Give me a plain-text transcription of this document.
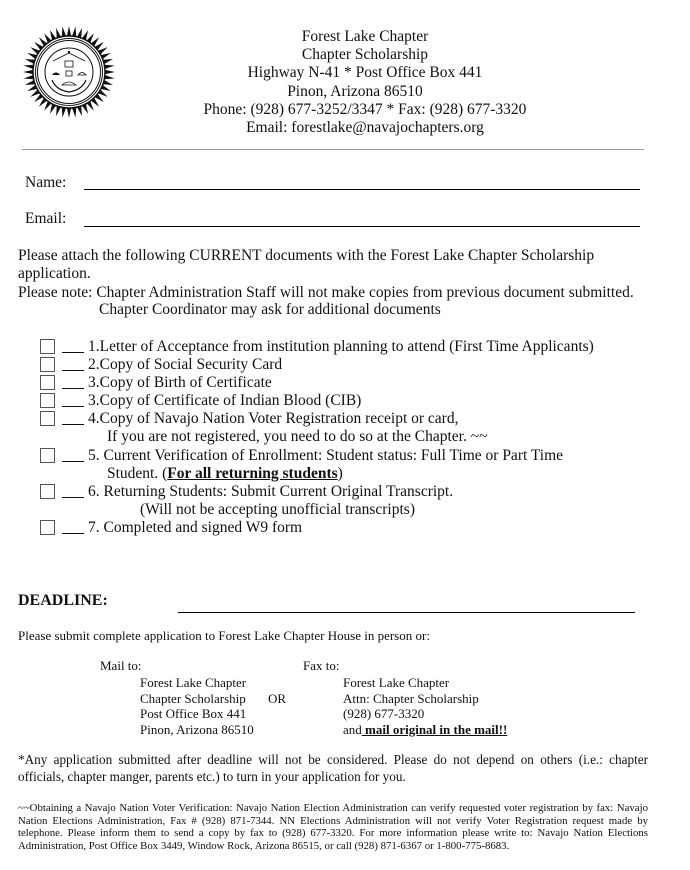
Forest Lake Chapter
Chapter Scholarship
Highway N-41 * Post Office Box 441
Pinon, Arizona 86510
Phone: (928) 677-3252/3347 * Fax: (928) 677-3320
Email: forestlake@navajochapters.org
Name:
Email:
Please attach the following CURRENT documents with the Forest Lake Chapter Scholarship
application.
Please note: Chapter Administration Staff will not make copies from previous document submitted.
Chapter Coordinator may ask for additional documents
1.Letter of Acceptance from institution planning to attend (First Time Applicants)
2.Copy of Social Security Card
3.Copy of Birth of Certificate
3.Copy of Certificate of Indian Blood (CIB)
4.Copy of Navajo Nation Voter Registration receipt or card,
If you are not registered, you need to do so at the Chapter. ~~
5. Current Verification of Enrollment: Student status: Full Time or Part Time
Student. (For all returning students)
6. Returning Students: Submit Current Original Transcript.
(Will not be accepting unofficial transcripts)
7. Completed and signed W9 form
DEADLINE:
Please submit complete application to Forest Lake Chapter House in person or:
Mail to:
Forest Lake Chapter
Chapter Scholarship
Post Office Box 441
Pinon, Arizona 86510
OR
Fax to:
Forest Lake Chapter
Attn: Chapter Scholarship
(928) 677-3320
and mail original in the mail!!
*Any application submitted after deadline will not be considered. Please do not depend on others (i.e.: chapter officials, chapter manger, parents etc.) to turn in your application for you.
~~Obtaining a Navajo Nation Voter Verification: Navajo Nation Election Administration can verify requested voter registration by fax: Navajo Nation Elections Administration, Fax # (928) 871-7344. NN Elections Administration will not verify Voter Registration request made by telephone. Please inform them to send a copy by fax to (928) 677-3320. For more information please write to: Navajo Nation Elections Administration, Post Office Box 3449, Window Rock, Arizona 86515, or call (928) 871-6367 or 1-800-775-8683.
